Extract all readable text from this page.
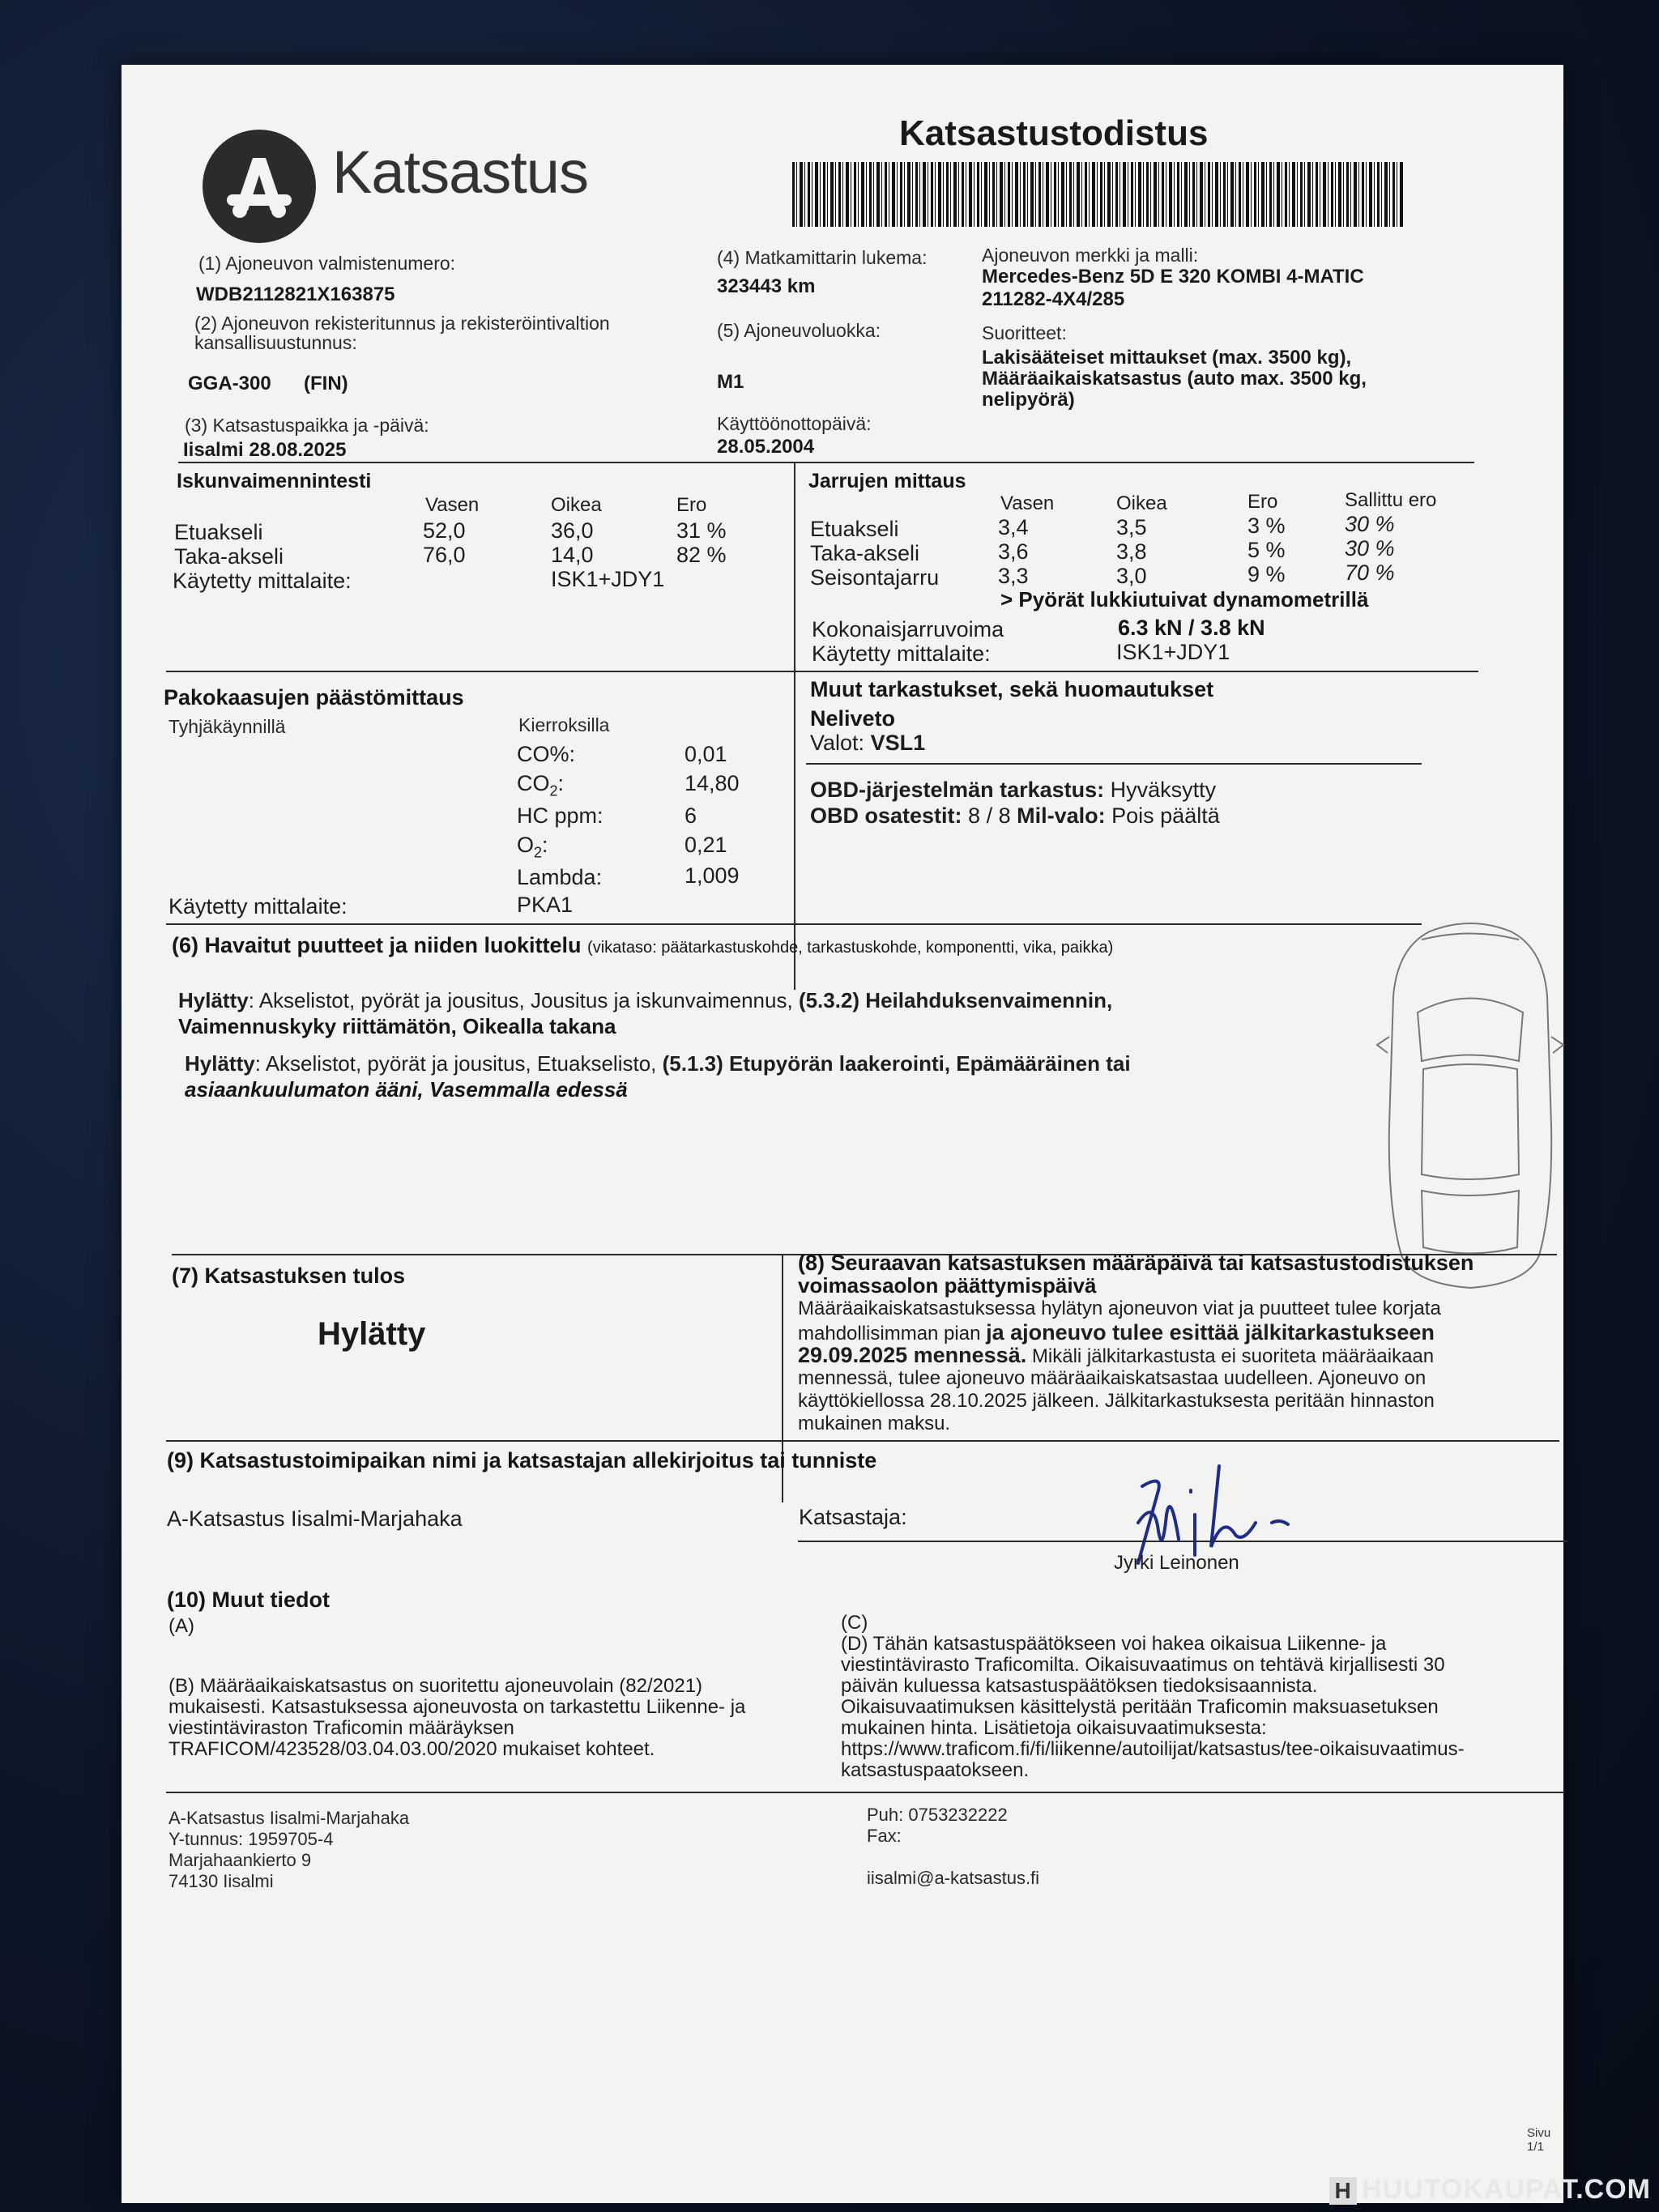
Katsastus
Katsastustodistus
(1) Ajoneuvon valmistenumero:
WDB2112821X163875
(4) Matkamittarin lukema:
323443 km
Ajoneuvon merkki ja malli:
Mercedes-Benz 5D E 320 KOMBI 4-MATIC
211282-4X4/285
(2) Ajoneuvon rekisteritunnus ja rekisteröintivaltion
kansallisuustunnus:
GGA-300 (FIN)
(5) Ajoneuvoluokka:
M1
Suoritteet:
Lakisääteiset mittaukset (max. 3500 kg),
Määräaikaiskatsastus (auto max. 3500 kg,
nelipyörä)
(3) Katsastuspaikka ja -päivä:
Iisalmi 28.08.2025
Käyttöönottopäivä:
28.05.2004
Iskunvaimennintesti
Vasen	Oikea	Ero
Etuakseli	52,0	36,0	31 %
Taka-akseli	76,0	14,0	82 %
Käytetty mittalaite:	ISK1+JDY1
Jarrujen mittaus
Vasen	Oikea	Ero	Sallittu ero
Etuakseli	3,4	3,5	3 %	30 %
Taka-akseli	3,6	3,8	5 %	30 %
Seisontajarru	3,3	3,0	9 %	70 %
> Pyörät lukkiutuivat dynamometrillä
Kokonaisjarruvoima	6.3 kN / 3.8 kN
Käytetty mittalaite:	ISK1+JDY1
Pakokaasujen päästömittaus
Tyhjäkäynnillä	Kierroksilla
CO%:	0,01
$CO_2$:	14,80
HC ppm:	6
$O_2$:	0,21
Lambda:	1,009
Käytetty mittalaite:	PKA1
Muut tarkastukset, sekä huomautukset
Neliveto
Valot: VSL1
OBD-järjestelmän tarkastus: Hyväksytty
OBD osatestit: 8 / 8 Mil-valo: Pois päältä
(6) Havaitut puutteet ja niiden luokittelu (vikataso: päätarkastuskohde, tarkastuskohde, komponentti, vika, paikka)
Hylätty: Akselistot, pyörät ja jousitus, Jousitus ja iskunvaimennus, (5.3.2) Heilahduksenvaimennin,
Vaimennuskyky riittämätön, Oikealla takana
Hylätty: Akselistot, pyörät ja jousitus, Etuakselisto, (5.1.3) Etupyörän laakerointi, Epämääräinen tai
asiaankuulumaton ääni, Vasemmalla edessä
(7) Katsastuksen tulos
Hylätty
(8) Seuraavan katsastuksen määräpäivä tai katsastustodistuksen
voimassaolon päättymispäivä
Määräaikaiskatsastuksessa hylätyn ajoneuvon viat ja puutteet tulee korjata
mahdollisimman pian ja ajoneuvo tulee esittää jälkitarkastukseen
29.09.2025 mennessä. Mikäli jälkitarkastusta ei suoriteta määräaikaan
mennessä, tulee ajoneuvo määräaikaiskatsastaa uudelleen. Ajoneuvo on
käyttökiellossa 28.10.2025 jälkeen. Jälkitarkastuksesta peritään hinnaston
mukainen maksu.
(9) Katsastustoimipaikan nimi ja katsastajan allekirjoitus tai tunniste
A-Katsastus Iisalmi-Marjahaka	Katsastaja:
Jyrki Leinonen
(10) Muut tiedot
(A)
(B) Määräaikaiskatsastus on suoritettu ajoneuvolain (82/2021)
mukaisesti. Katsastuksessa ajoneuvosta on tarkastettu Liikenne- ja
viestintäviraston Traficomin määräyksen
TRAFICOM/423528/03.04.03.00/2020 mukaiset kohteet.
(C)
(D) Tähän katsastuspäätökseen voi hakea oikaisua Liikenne- ja
viestintävirasto Traficomilta. Oikaisuvaatimus on tehtävä kirjallisesti 30
päivän kuluessa katsastuspäätöksen tiedoksisaannista.
Oikaisuvaatimuksen käsittelystä peritään Traficomin maksuasetuksen
mukainen hinta. Lisätietoja oikaisuvaatimuksesta:
https://www.traficom.fi/fi/liikenne/autoilijat/katsastus/tee-oikaisuvaatimus-
katsastuspaatokseen.
A-Katsastus Iisalmi-Marjahaka
Y-tunnus: 1959705-4
Marjahaankierto 9
74130 Iisalmi
Puh: 0753232222
Fax:
iisalmi@a-katsastus.fi
Sivu 1/1
H HUUTOKAUPAT.COM
